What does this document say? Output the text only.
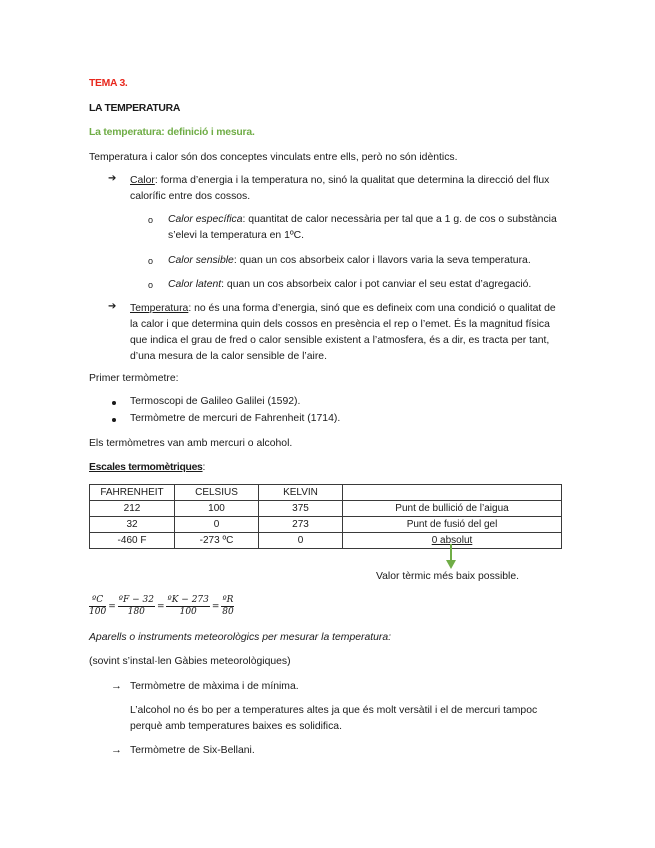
TEMA 3.
LA TEMPERATURA
La temperatura: definició i mesura.
Temperatura i calor són dos conceptes vinculats entre ells, però no són idèntics.
➔ Calor: forma d’energia i la temperatura no, sinó la qualitat que determina la direcció del flux
calorífic entre dos cossos.
o Calor específica: quantitat de calor necessària per tal que a 1 g. de cos o substància
s’elevi la temperatura en 1ºC.
o Calor sensible: quan un cos absorbeix calor i llavors varia la seva temperatura.
o Calor latent: quan un cos absorbeix calor i pot canviar el seu estat d’agregació.
➔ Temperatura: no és una forma d’energia, sinó que es defineix com una condició o qualitat de
la calor i que determina quin dels cossos en presència el rep o l’emet. És la magnitud física
que indica el grau de fred o calor sensible existent a l’atmosfera, és a dir, es tracta per tant,
d’una mesura de la calor sensible de l’aire.
Primer termòmetre:
Termoscopi de Galileo Galilei (1592).
Termòmetre de mercuri de Fahrenheit (1714).
Els termòmetres van amb mercuri o alcohol.
Escales termomètriques:
FAHRENHEIT	CELSIUS	KELVIN	
212	100	375	Punt de bullició de l’aigua
32	0	273	Punt de fusió del gel
-460 F	-273 ºC	0	0 absolut
Valor tèrmic més baix possible.
$\frac{\text{ºC}}{100} = \frac{\text{ºF − 32}}{180} = \frac{\text{ºK − 273}}{100} = \frac{\text{ºR}}{80}$
Aparells o instruments meteorològics per mesurar la temperatura:
(sovint s’instal·len Gàbies meteorològiques)
→ Termòmetre de màxima i de mínima.
L’alcohol no és bo per a temperatures altes ja que és molt versàtil i el de mercuri tampoc
perquè amb temperatures baixes es solidifica.
→ Termòmetre de Six-Bellani.
